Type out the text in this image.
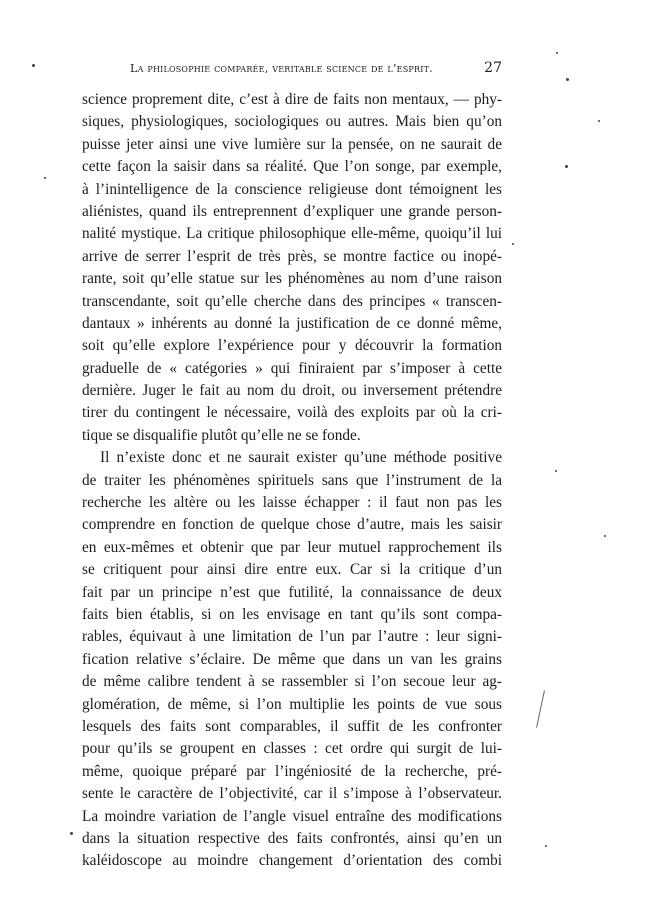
La philosophie comparée, veritable science de l’esprit.	27
science proprement dite, c’est à dire de faits non mentaux, — phy-
siques, physiologiques, sociologiques ou autres. Mais bien qu’on
puisse jeter ainsi une vive lumière sur la pensée, on ne saurait de
cette façon la saisir dans sa réalité. Que l’on songe, par exemple,
à l’inintelligence de la conscience religieuse dont témoignent les
aliénistes, quand ils entreprennent d’expliquer une grande person-
nalité mystique. La critique philosophique elle-même, quoiqu’il lui
arrive de serrer l’esprit de très près, se montre factice ou inopé-
rante, soit qu’elle statue sur les phénomènes au nom d’une raison
transcendante, soit qu’elle cherche dans des principes « transcen-
dantaux » inhérents au donné la justification de ce donné même,
soit qu’elle explore l’expérience pour y découvrir la formation
graduelle de « catégories » qui finiraient par s’imposer à cette
dernière. Juger le fait au nom du droit, ou inversement prétendre
tirer du contingent le nécessaire, voilà des exploits par où la cri-
tique se disqualifie plutôt qu’elle ne se fonde.
Il n’existe donc et ne saurait exister qu’une méthode positive
de traiter les phénomènes spirituels sans que l’instrument de la
recherche les altère ou les laisse échapper : il faut non pas les
comprendre en fonction de quelque chose d’autre, mais les saisir
en eux-mêmes et obtenir que par leur mutuel rapprochement ils
se critiquent pour ainsi dire entre eux. Car si la critique d’un
fait par un principe n’est que futilité, la connaissance de deux
faits bien établis, si on les envisage en tant qu’ils sont compa-
rables, équivaut à une limitation de l’un par l’autre : leur signi-
fication relative s’éclaire. De même que dans un van les grains
de même calibre tendent à se rassembler si l’on secoue leur ag-
glomération, de même, si l’on multiplie les points de vue sous
lesquels des faits sont comparables, il suffit de les confronter
pour qu’ils se groupent en classes : cet ordre qui surgit de lui-
même, quoique préparé par l’ingéniosité de la recherche, pré-
sente le caractère de l’objectivité, car il s’impose à l’observateur.
La moindre variation de l’angle visuel entraîne des modifications
dans la situation respective des faits confrontés, ainsi qu’en un
kaléidoscope au moindre changement d’orientation des combi
